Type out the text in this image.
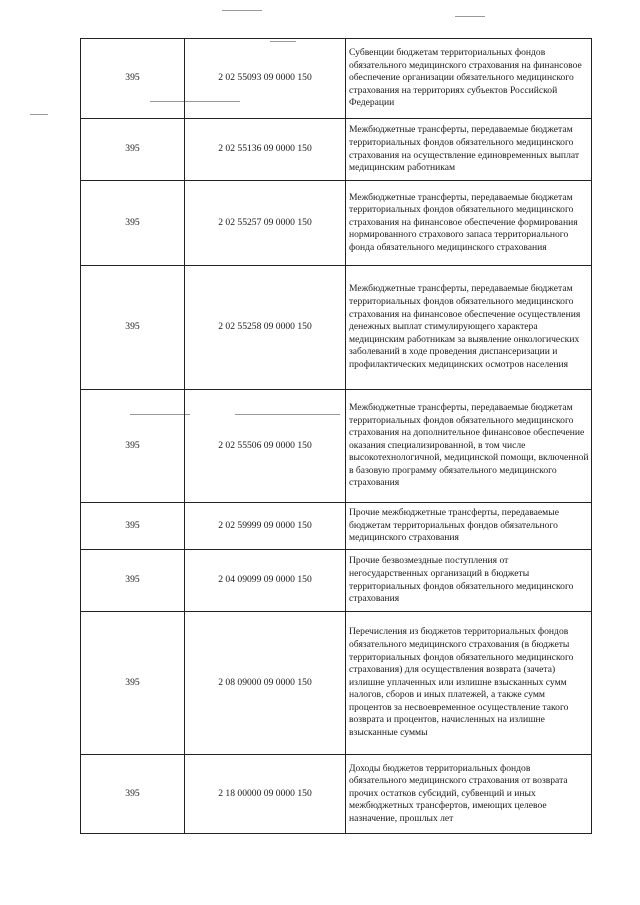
395	2 02 55093 09 0000 150	Субвенции бюджетам территориальных фондов обязательного медицинского страхования на финансовое обеспечение организации обязательного медицинского страхования на территориях субъектов Российской Федерации

395	2 02 55136 09 0000 150	Межбюджетные трансферты, передаваемые бюджетам территориальных фондов обязательного медицинского страхования на осуществление единовременных выплат медицинским работникам

395	2 02 55257 09 0000 150	Межбюджетные трансферты, передаваемые бюджетам территориальных фондов обязательного медицинского страхования на финансовое обеспечение формирования нормированного страхового запаса территориального фонда обязательного медицинского страхования

395	2 02 55258 09 0000 150	Межбюджетные трансферты, передаваемые бюджетам территориальных фондов обязательного медицинского страхования на финансовое обеспечение осуществления денежных выплат стимулирующего характера медицинским работникам за выявление онкологических заболеваний в ходе проведения диспансеризации и профилактических медицинских осмотров населения

395	2 02 55506 09 0000 150	Межбюджетные трансферты, передаваемые бюджетам территориальных фондов обязательного медицинского страхования на дополнительное финансовое обеспечение оказания специализированной, в том числе высокотехнологичной, медицинской помощи, включенной в базовую программу обязательного медицинского страхования

395	2 02 59999 09 0000 150	Прочие межбюджетные трансферты, передаваемые бюджетам территориальных фондов обязательного медицинского страхования

395	2 04 09099 09 0000 150	Прочие безвозмездные поступления от негосударственных организаций в бюджеты территориальных фондов обязательного медицинского страхования

395	2 08 09000 09 0000 150	Перечисления из бюджетов территориальных фондов обязательного медицинского страхования (в бюджеты территориальных фондов обязательного медицинского страхования) для осуществления возврата (зачета) излишне уплаченных или излишне взысканных сумм налогов, сборов и иных платежей, а также сумм процентов за несвоевременное осуществление такого возврата и процентов, начисленных на излишне взысканные суммы

395	2 18 00000 09 0000 150	Доходы бюджетов территориальных фондов обязательного медицинского страхования от возврата прочих остатков субсидий, субвенций и иных межбюджетных трансфертов, имеющих целевое назначение, прошлых лет
